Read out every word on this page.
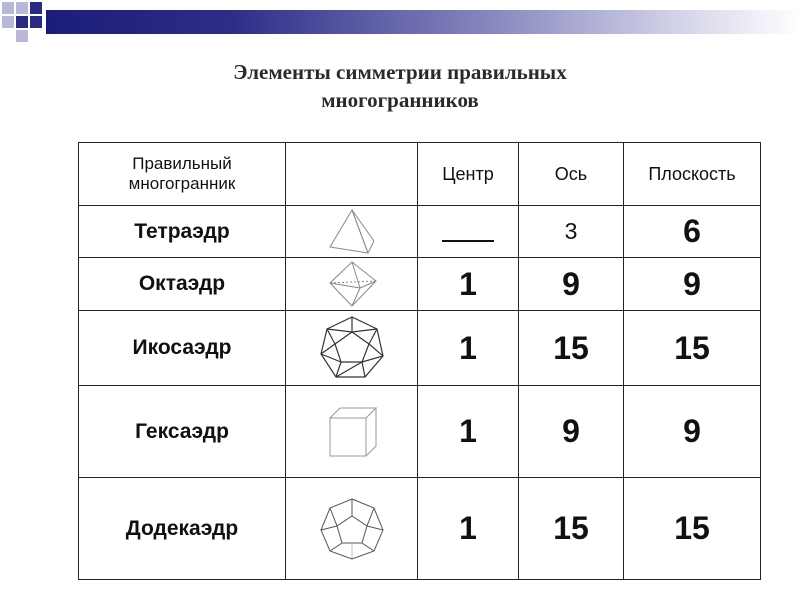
Элементы симметрии правильных
многогранников
Правильный многогранник		Центр	Ось	Плоскость
Тетраэдр			3	6
Октаэдр		1	9	9
Икосаэдр		1	15	15
Гексаэдр		1	9	9
Додекаэдр		1	15	15
